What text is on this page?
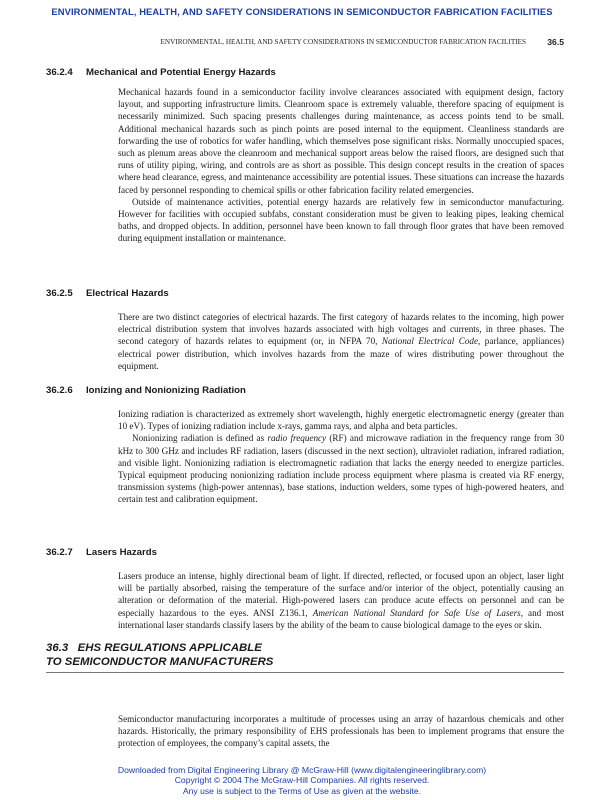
ENVIRONMENTAL, HEALTH, AND SAFETY CONSIDERATIONS IN SEMICONDUCTOR FABRICATION FACILITIES
ENVIRONMENTAL, HEALTH, AND SAFETY CONSIDERATIONS IN SEMICONDUCTOR FABRICATION FACILITIES 36.5
36.2.4 Mechanical and Potential Energy Hazards

Mechanical hazards found in a semiconductor facility involve clearances associated with equipment design, factory layout, and supporting infrastructure limits. Cleanroom space is extremely valuable, therefore spacing of equipment is necessarily minimized. Such spacing presents challenges during maintenance, as access points tend to be small. Additional mechanical hazards such as pinch points are posed internal to the equipment. Cleanliness standards are forwarding the use of robotics for wafer handling, which themselves pose significant risks. Normally unoccupied spaces, such as plenum areas above the cleanroom and mechanical support areas below the raised floors, are designed such that runs of utility piping, wiring, and controls are as short as possible. This design concept results in the creation of spaces where head clearance, egress, and maintenance accessibility are potential issues. These situations can increase the hazards faced by personnel responding to chemical spills or other fabrication facility related emergencies.

Outside of maintenance activities, potential energy hazards are relatively few in semiconductor manufacturing. However for facilities with occupied subfabs, constant consideration must be given to leaking pipes, leaking chemical baths, and dropped objects. In addition, personnel have been known to fall through floor grates that have been removed during equipment installation or maintenance.

36.2.5 Electrical Hazards

There are two distinct categories of electrical hazards. The first category of hazards relates to the incoming, high power electrical distribution system that involves hazards associated with high voltages and currents, in three phases. The second category of hazards relates to equipment (or, in NFPA 70, National Electrical Code, parlance, appliances) electrical power distribution, which involves hazards from the maze of wires distributing power throughout the equipment.

36.2.6 Ionizing and Nonionizing Radiation

Ionizing radiation is characterized as extremely short wavelength, highly energetic electromagnetic energy (greater than 10 eV). Types of ionizing radiation include x-rays, gamma rays, and alpha and beta particles.

Nonionizing radiation is defined as radio frequency (RF) and microwave radiation in the frequency range from 30 kHz to 300 GHz and includes RF radiation, lasers (discussed in the next section), ultraviolet radiation, infrared radiation, and visible light. Nonionizing radiation is electromagnetic radiation that lacks the energy needed to energize particles. Typical equipment producing nonionizing radiation include process equipment where plasma is created via RF energy, transmission systems (high-power antennas), base stations, induction welders, some types of high-powered heaters, and certain test and calibration equipment.

36.2.7 Lasers Hazards

Lasers produce an intense, highly directional beam of light. If directed, reflected, or focused upon an object, laser light will be partially absorbed, raising the temperature of the surface and/or interior of the object, potentially causing an alteration or deformation of the material. High-powered lasers can produce acute effects on personnel and can be especially hazardous to the eyes. ANSI Z136.1, American National Standard for Safe Use of Lasers, and most international laser standards classify lasers by the ability of the beam to cause biological damage to the eyes or skin.

36.3 EHS REGULATIONS APPLICABLE
TO SEMICONDUCTOR MANUFACTURERS

Semiconductor manufacturing incorporates a multitude of processes using an array of hazardous chemicals and other hazards. Historically, the primary responsibility of EHS professionals has been to implement programs that ensure the protection of employees, the company’s capital assets, the

Downloaded from Digital Engineering Library @ McGraw-Hill (www.digitalengineeringlibrary.com)
Copyright © 2004 The McGraw-Hill Companies. All rights reserved.
Any use is subject to the Terms of Use as given at the website.
